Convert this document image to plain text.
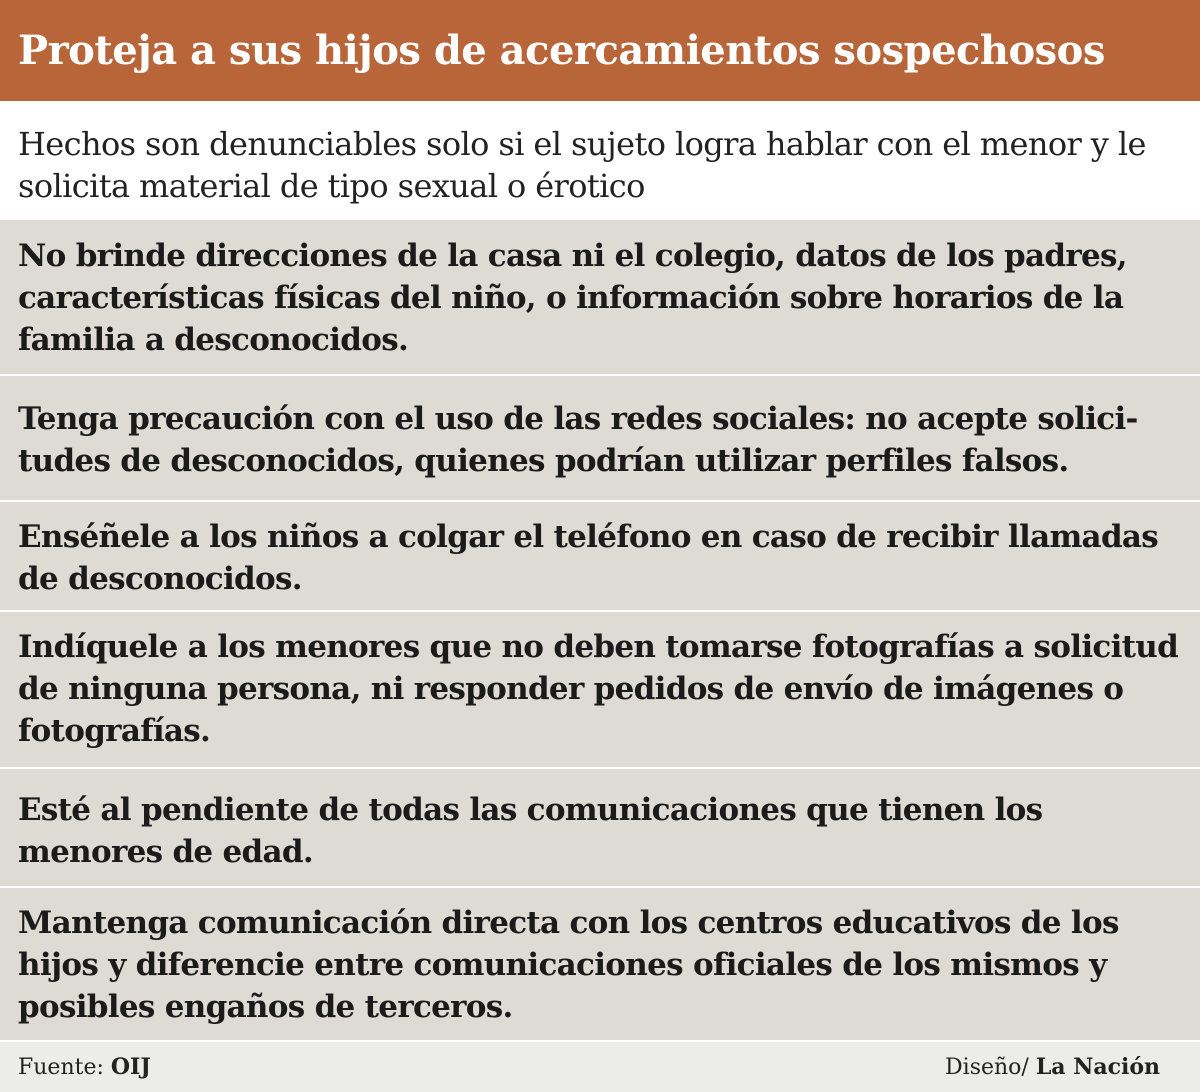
Proteja a sus hijos de acercamientos sospechosos
Hechos son denunciables solo si el sujeto logra hablar con el menor y le solicita material de tipo sexual o érotico

No brinde direcciones de la casa ni el colegio, datos de los padres, características físicas del niño, o información sobre horarios de la familia a desconocidos.

Tenga precaución con el uso de las redes sociales: no acepte solici-tudes de desconocidos, quienes podrían utilizar perfiles falsos.

Enséñele a los niños a colgar el teléfono en caso de recibir llamadas de desconocidos.

Indíquele a los menores que no deben tomarse fotografías a solicitud de ninguna persona, ni responder pedidos de envío de imágenes o fotografías.

Esté al pendiente de todas las comunicaciones que tienen los menores de edad.

Mantenga comunicación directa con los centros educativos de los hijos y diferencie entre comunicaciones oficiales de los mismos y posibles engaños de terceros.

Fuente: OIJ	Diseño/ La Nación
